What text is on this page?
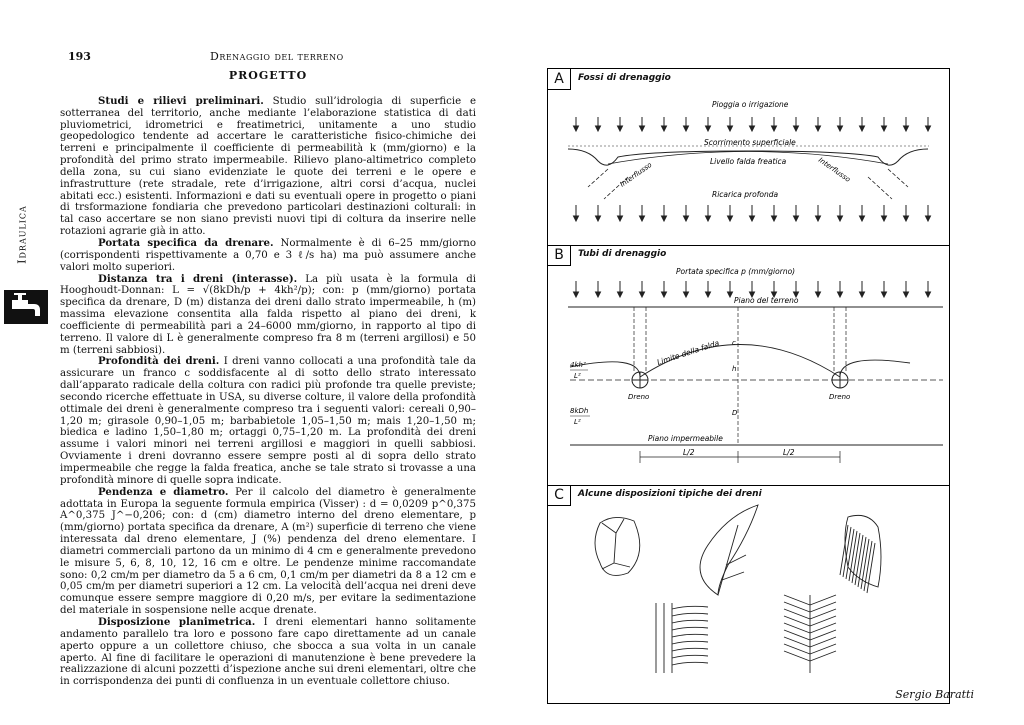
193	Drenaggio del terreno
Idraulica
PROGETTO

Studi e rilievi preliminari. Studio sull’idrologia di superficie e sotterranea del territorio, anche mediante l’elaborazione statistica di dati pluviometrici, idrometrici e freatimetrici, unitamente a uno studio geopedologico tendente ad accertare le caratteristiche fisico-chimiche dei terreni e principalmente il coefficiente di permeabilità k (mm/giorno) e la profondità del primo strato impermeabile. Rilievo plano-altimetrico completo della zona, su cui siano evidenziate le quote dei terreni e le opere e infrastrutture (rete stradale, rete d’irrigazione, altri corsi d’acqua, nuclei abitati ecc.) esistenti. Informazioni e dati su eventuali opere in progetto o piani di trsformazione fondiaria che prevedono particolari destinazioni colturali: in tal caso accertare se non siano previsti nuovi tipi di coltura da inserire nelle rotazioni agrarie già in atto.

Portata specifica da drenare. Normalmente è di 6–25 mm/giorno (corrispondenti rispettivamente a 0,70 e 3 ℓ/s ha) ma può assumere anche valori molto superiori.

Distanza tra i dreni (interasse). La più usata è la formula di Hooghoudt-Donnan: L = √(8kDh/p + 4kh²/p); con: p (mm/giorno) portata specifica da drenare, D (m) distanza dei dreni dallo strato impermeabile, h (m) massima elevazione consentita alla falda rispetto al piano dei dreni, k coefficiente di permeabilità pari a 24–6000 mm/giorno, in rapporto al tipo di terreno. Il valore di L è generalmente compreso fra 8 m (terreni argillosi) e 50 m (terreni sabbiosi).

Profondità dei dreni. I dreni vanno collocati a una profondità tale da assicurare un franco c soddisfacente al di sotto dello strato interessato dall’apparato radicale della coltura con radici più profonde tra quelle previste; secondo ricerche effettuate in USA, su diverse colture, il valore della profondità ottimale dei dreni è generalmente compreso tra i seguenti valori: cereali 0,90–1,20 m; girasole 0,90–1,05 m; barbabietole 1,05–1,50 m; mais 1,20–1,50 m; biedica e ladino 1,50–1,80 m; ortaggi 0,75–1,20 m. La profondità dei dreni assume i valori minori nei terreni argillosi e maggiori in quelli sabbiosi. Ovviamente i dreni dovranno essere sempre posti al di sopra dello strato impermeabile che regge la falda freatica, anche se tale strato si trovasse a una profondità minore di quelle sopra indicate.

Pendenza e diametro. Per il calcolo del diametro è generalmente adottata in Europa la seguente formula empirica (Visser) : d = 0,0209 p^0,375 A^0,375 J^−0,206; con: d (cm) diametro interno del dreno elementare, p (mm/giorno) portata specifica da drenare, A (m²) superficie di terreno che viene interessata dal dreno elementare, J (%) pendenza del dreno elementare. I diametri commerciali partono da un minimo di 4 cm e generalmente prevedono le misure 5, 6, 8, 10, 12, 16 cm e oltre. Le pendenze minime raccomandate sono: 0,2 cm/m per diametro da 5 a 6 cm, 0,1 cm/m per diametri da 8 a 12 cm e 0,05 cm/m per diametri superiori a 12 cm. La velocità dell’acqua nei dreni deve comunque essere sempre maggiore di 0,20 m/s, per evitare la sedimentazione del materiale in sospensione nelle acque drenate.

Disposizione planimetrica. I dreni elementari hanno solitamente andamento parallelo tra loro e possono fare capo direttamente ad un canale aperto oppure a un collettore chiuso, che sbocca a sua volta in un canale aperto. Al fine di facilitare le operazioni di manutenzione è bene prevedere la realizzazione di alcuni pozzetti d’ispezione anche sui dreni elementari, oltre che in corrispondenza dei punti di confluenza in un eventuale collettore chiuso.

A	Fossi di drenaggio
Pioggia o irrigazione
Scorrimento superficiale
Livello falda freatica
Ricarica profonda
Interflusso	Interflusso
B	Tubi di drenaggio
Portata specifica p (mm/giorno)
Piano del terreno
Limite della falda
Dreno	Dreno
c
h
D
4kh²
L²
8kDh
L²
Piano impermeabile
L/2	L/2
C	Alcune disposizioni tipiche dei dreni
Sergio Baratti
